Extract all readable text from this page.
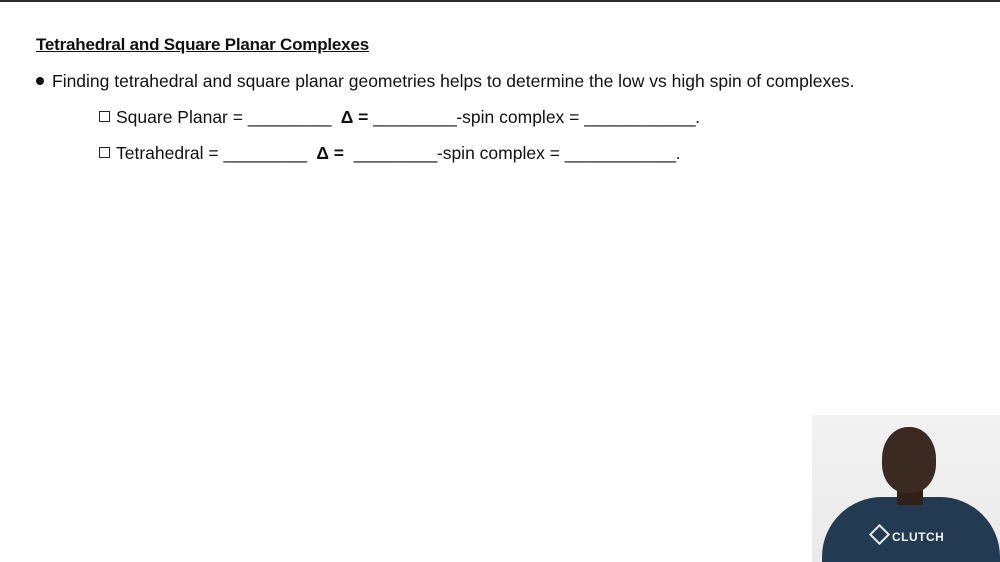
Tetrahedral and Square Planar Complexes
Finding tetrahedral and square planar geometries helps to determine the low vs high spin of complexes.
Square Planar = _________ Δ = _________-spin complex = ____________.
Tetrahedral = _________ Δ = _________-spin complex = ____________.
CLUTCH
